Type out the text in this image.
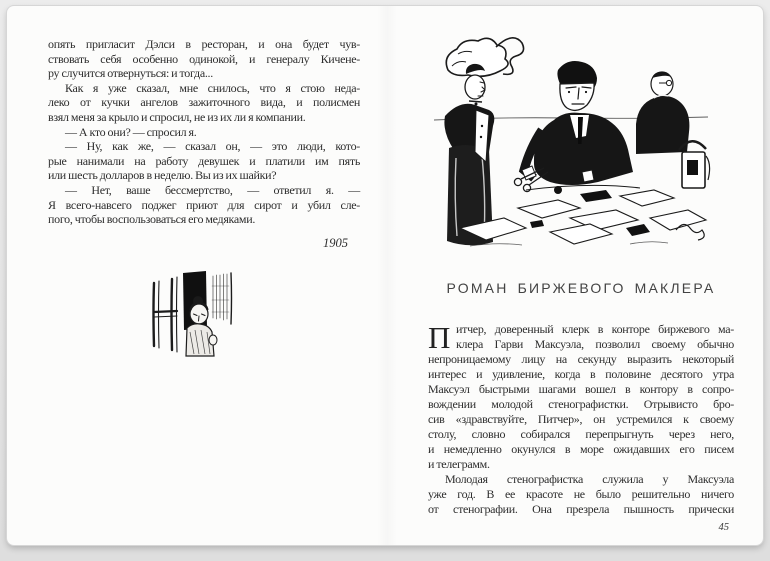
опять пригласит Дэлси в ресторан, и она будет чув-
ствовать себя особенно одинокой, и генералу Кичене-
ру случится отвернуться: и тогда...
Как я уже сказал, мне снилось, что я стою неда-
леко от кучки ангелов зажиточного вида, и полисмен
взял меня за крыло и спросил, не из их ли я компании.
— А кто они? — спросил я.
— Ну, как же, — сказал он, — это люди, кото-
рые нанимали на работу девушек и платили им пять
или шесть долларов в неделю. Вы из их шайки?
— Нет, ваше бессмертство, — ответил я. —
Я всего-навсего поджег приют для сирот и убил сле-
пого, чтобы воспользоваться его медяками.
1905
РОМАН БИРЖЕВОГО МАКЛЕРА
П итчер, доверенный клерк в конторе биржевого ма-
клера Гарви Максуэла, позволил своему обычно
непроницаемому лицу на секунду выразить некоторый
интерес и удивление, когда в половине десятого утра
Максуэл быстрыми шагами вошел в контору в сопро-
вождении молодой стенографистки. Отрывисто бро-
сив «здравствуйте, Питчер», он устремился к своему
столу, словно собирался перепрыгнуть через него,
и немедленно окунулся в море ожидавших его писем
и телеграмм.
Молодая стенографистка служила у Максуэла
уже год. В ее красоте не было решительно ничего
от стенографии. Она презрела пышность прически
45
